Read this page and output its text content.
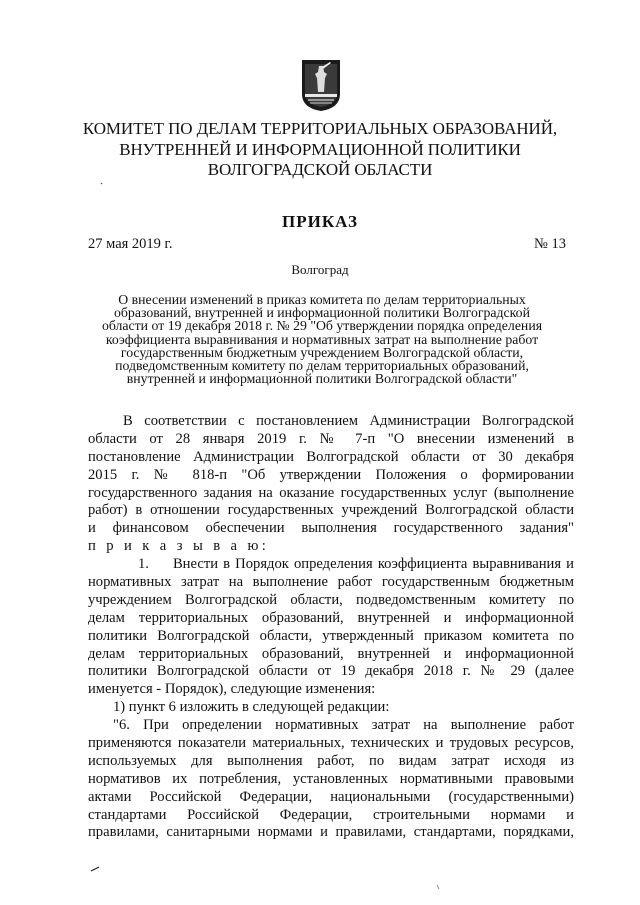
КОМИТЕТ ПО ДЕЛАМ ТЕРРИТОРИАЛЬНЫХ ОБРАЗОВАНИЙ,
ВНУТРЕННЕЙ И ИНФОРМАЦИОННОЙ ПОЛИТИКИ
ВОЛГОГРАДСКОЙ ОБЛАСТИ
ПРИКАЗ
27 мая 2019 г.	№ 13
Волгоград
О внесении изменений в приказ комитета по делам территориальных
образований, внутренней и информационной политики Волгоградской
области от 19 декабря 2018 г. № 29 "Об утверждении порядка определения
коэффициента выравнивания и нормативных затрат на выполнение работ
государственным бюджетным учреждением Волгоградской области,
подведомственным комитету по делам территориальных образований,
внутренней и информационной политики Волгоградской области"
В соответствии с постановлением Администрации Волгоградской
области от 28 января 2019 г. № 7-п "О внесении изменений в
постановление Администрации Волгоградской области от 30 декабря
2015 г. № 818-п "Об утверждении Положения о формировании
государственного задания на оказание государственных услуг (выполнение
работ) в отношении государственных учреждений Волгоградской области
и финансовом обеспечении выполнения государственного задания"
п р и к а з ы в а ю:
1. Внести в Порядок определения коэффициента выравнивания и
нормативных затрат на выполнение работ государственным бюджетным
учреждением Волгоградской области, подведомственным комитету по
делам территориальных образований, внутренней и информационной
политики Волгоградской области, утвержденный приказом комитета по
делам территориальных образований, внутренней и информационной
политики Волгоградской области от 19 декабря 2018 г. № 29 (далее
именуется - Порядок), следующие изменения:
1) пункт 6 изложить в следующей редакции:
"6. При определении нормативных затрат на выполнение работ
применяются показатели материальных, технических и трудовых ресурсов,
используемых для выполнения работ, по видам затрат исходя из
нормативов их потребления, установленных нормативными правовыми
актами Российской Федерации, национальными (государственными)
стандартами Российской Федерации, строительными нормами и
правилами, санитарными нормами и правилами, стандартами, порядками,
